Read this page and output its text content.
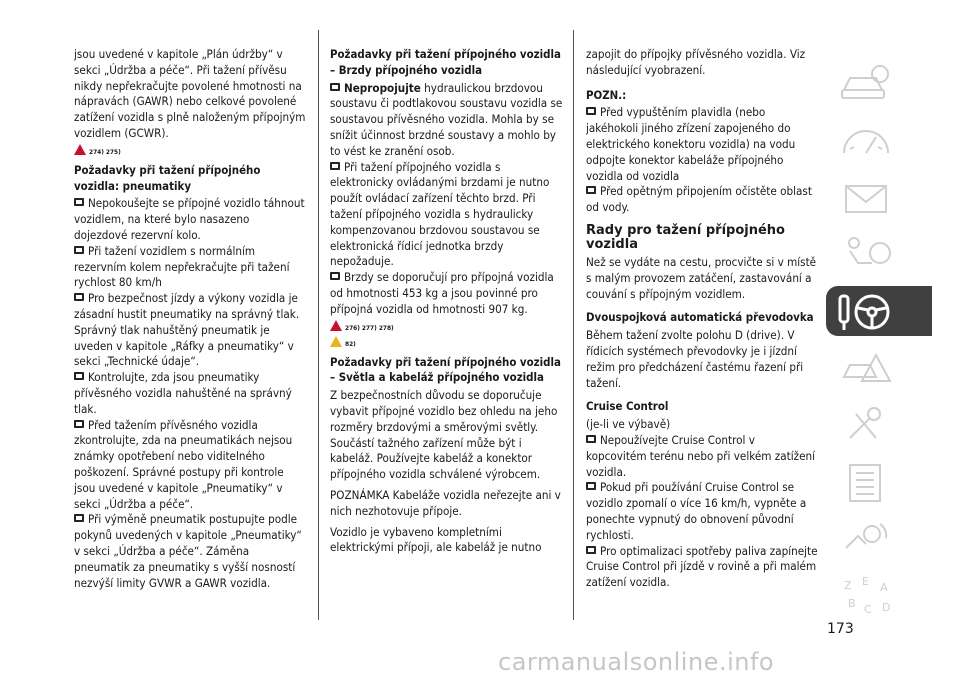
jsou uvedené v kapitole „Plán údržby“ v sekci „Údržba a péče“. Při tažení přívěsu nikdy nepřekračujte povolené hmotnosti na nápravách (GAWR) nebo celkové povolené zatížení vozidla s plně naloženým přípojným vozidlem (GCWR).

274) 275)

Požadavky při tažení přípojného vozidla: pneumatiky

Nepokoušejte se přípojné vozidlo táhnout vozidlem, na které bylo nasazeno dojezdové rezervní kolo.

Při tažení vozidlem s normálním rezervním kolem nepřekračujte při tažení rychlost 80 km/h

Pro bezpečnost jízdy a výkony vozidla je zásadní hustit pneumatiky na správný tlak. Správný tlak nahuštěný pneumatik je uveden v kapitole „Ráfky a pneumatiky“ v sekci „Technické údaje“.

Kontrolujte, zda jsou pneumatiky přívěsného vozidla nahuštěné na správný tlak.

Před tažením přívěsného vozidla zkontrolujte, zda na pneumatikách nejsou známky opotřebení nebo viditelného poškození. Správné postupy při kontrole jsou uvedené v kapitole „Pneumatiky“ v sekci „Údržba a péče“.

Při výměně pneumatik postupujte podle pokynů uvedených v kapitole „Pneumatiky“ v sekci „Údržba a péče“. Záměna pneumatik za pneumatiky s vyšší nosností nezvýší limity GVWR a GAWR vozidla.

Požadavky při tažení přípojného vozidla – Brzdy přípojného vozidla

Nepropojujte hydraulickou brzdovou soustavu či podtlakovou soustavu vozidla se soustavou přívěsného vozidla. Mohla by se snížit účinnost brzdné soustavy a mohlo by to vést ke zranění osob.

Při tažení přípojného vozidla s elektronicky ovládanými brzdami je nutno použít ovládací zařízení těchto brzd. Při tažení přípojného vozidla s hydraulicky kompenzovanou brzdovou soustavou se elektronická řídicí jednotka brzdy nepožaduje.

Brzdy se doporučují pro přípojná vozidla od hmotnosti 453 kg a jsou povinné pro přípojná vozidla od hmotnosti 907 kg.

276) 277) 278)
82)

Požadavky při tažení přípojného vozidla – Světla a kabeláž přípojného vozidla

Z bezpečnostních důvodu se doporučuje vybavit přípojné vozidlo bez ohledu na jeho rozměry brzdovými a směrovými světly.

Součástí tažného zařízení může být i kabeláž. Používejte kabeláž a konektor přípojného vozidla schválené výrobcem.

POZNÁMKA Kabeláže vozidla neřezejte ani v nich nezhotovuje přípoje.

Vozidlo je vybaveno kompletními elektrickými přípoji, ale kabeláž je nutno

zapojit do přípojky přívěsného vozidla. Viz následující vyobrazení.

POZN.:

Před vypuštěním plavidla (nebo jakéhokoli jiného zřízení zapojeného do elektrického konektoru vozidla) na vodu odpojte konektor kabeláže přípojného vozidla od vozidla

Před opětným připojením očistěte oblast od vody.

Rady pro tažení přípojného vozidla

Než se vydáte na cestu, procvičte si v místě s malým provozem zatáčení, zastavování a couvání s přípojným vozidlem.

Dvouspojková automatická převodovka

Během tažení zvolte polohu D (drive). V řídicích systémech převodovky je i jízdní režim pro předcházení častému řazení při tažení.

Cruise Control

(je-li ve výbavě)

Nepoužívejte Cruise Control v kopcovitém terénu nebo při velkém zatížení vozidla.

Pokud při používání Cruise Control se vozidlo zpomalí o více 16 km/h, vypněte a ponechte vypnutý do obnovení původní rychlosti.

Pro optimalizaci spotřeby paliva zapínejte Cruise Control při jízdě v rovině a při malém zatížení vozidla.	Z E A
B C D
173
carmanualsonline.info
